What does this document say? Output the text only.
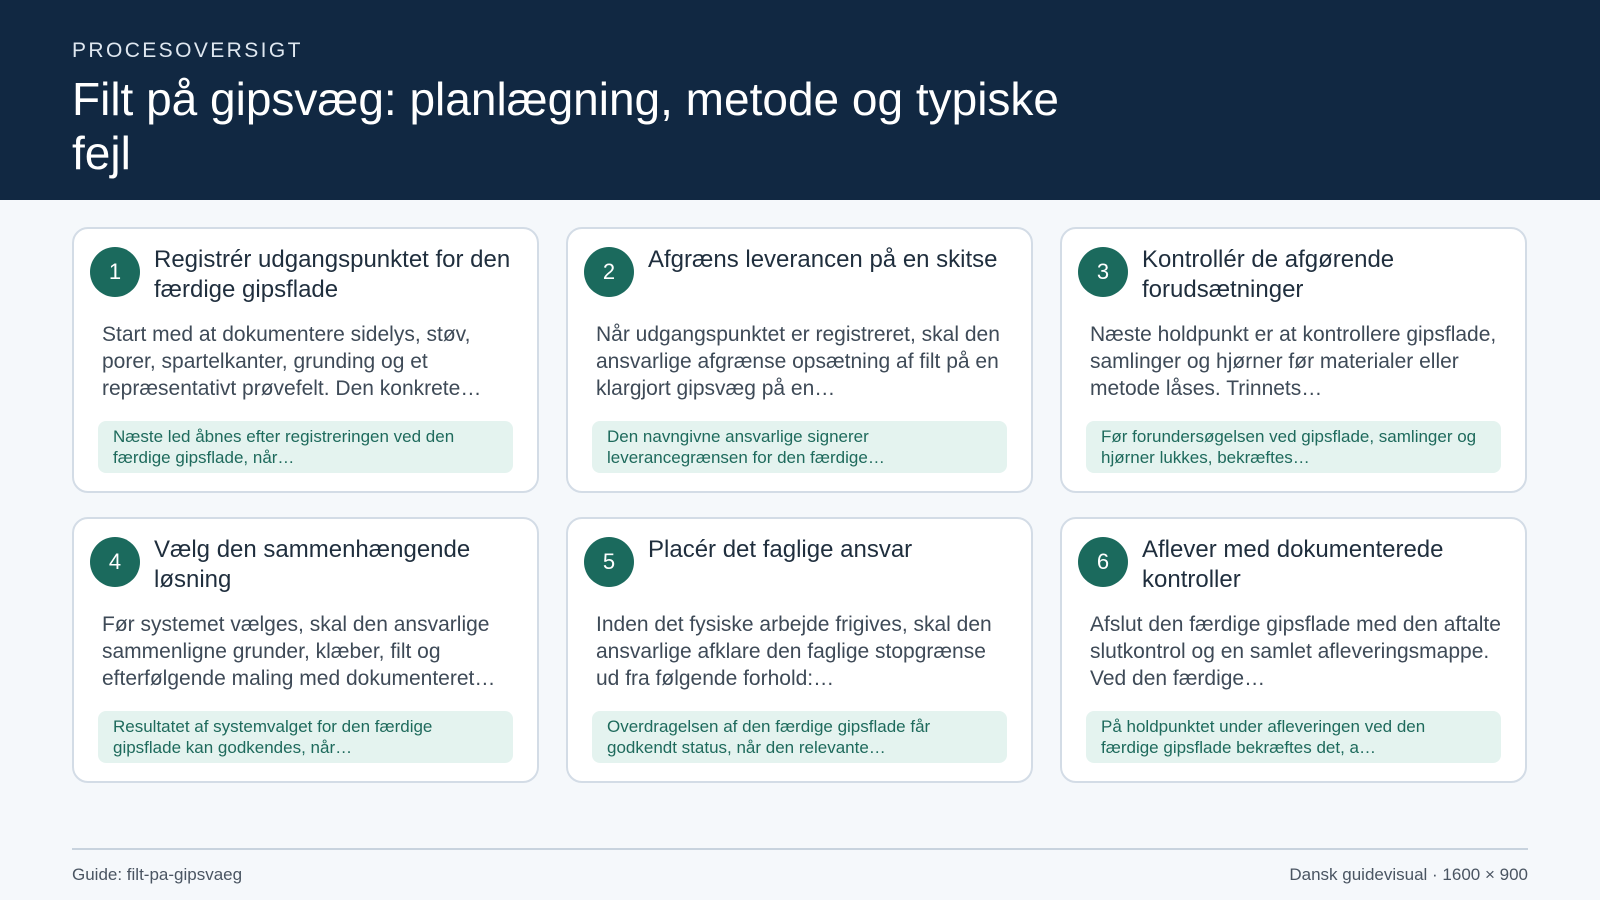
PROCESOVERSIGT
Filt på gipsvæg: planlægning, metode og typiske fejl
1	Registrér udgangspunktet for den færdige gipsflade
Start med at dokumentere sidelys, støv, porer, spartelkanter, grunding og et repræsentativt prøvefelt. Den konkrete…
Næste led åbnes efter registreringen ved den færdige gipsflade, når…
2	Afgræns leverancen på en skitse
Når udgangspunktet er registreret, skal den ansvarlige afgrænse opsætning af filt på en klargjort gipsvæg på en…
Den navngivne ansvarlige signerer leverancegrænsen for den færdige…
3	Kontrollér de afgørende forudsætninger
Næste holdpunkt er at kontrollere gipsflade, samlinger og hjørner før materialer eller metode låses. Trinnets…
Før forundersøgelsen ved gipsflade, samlinger og hjørner lukkes, bekræftes…
4	Vælg den sammenhængende løsning
Før systemet vælges, skal den ansvarlige sammenligne grunder, klæber, filt og efterfølgende maling med dokumenteret…
Resultatet af systemvalget for den færdige gipsflade kan godkendes, når…
5	Placér det faglige ansvar
Inden det fysiske arbejde frigives, skal den ansvarlige afklare den faglige stopgrænse ud fra følgende forhold:…
Overdragelsen af den færdige gipsflade får godkendt status, når den relevante…
6	Aflever med dokumenterede kontroller
Afslut den færdige gipsflade med den aftalte slutkontrol og en samlet afleveringsmappe. Ved den færdige…
På holdpunktet under afleveringen ved den færdige gipsflade bekræftes det, a…
Guide: filt-pa-gipsvaeg	Dansk guidevisual · 1600 × 900
